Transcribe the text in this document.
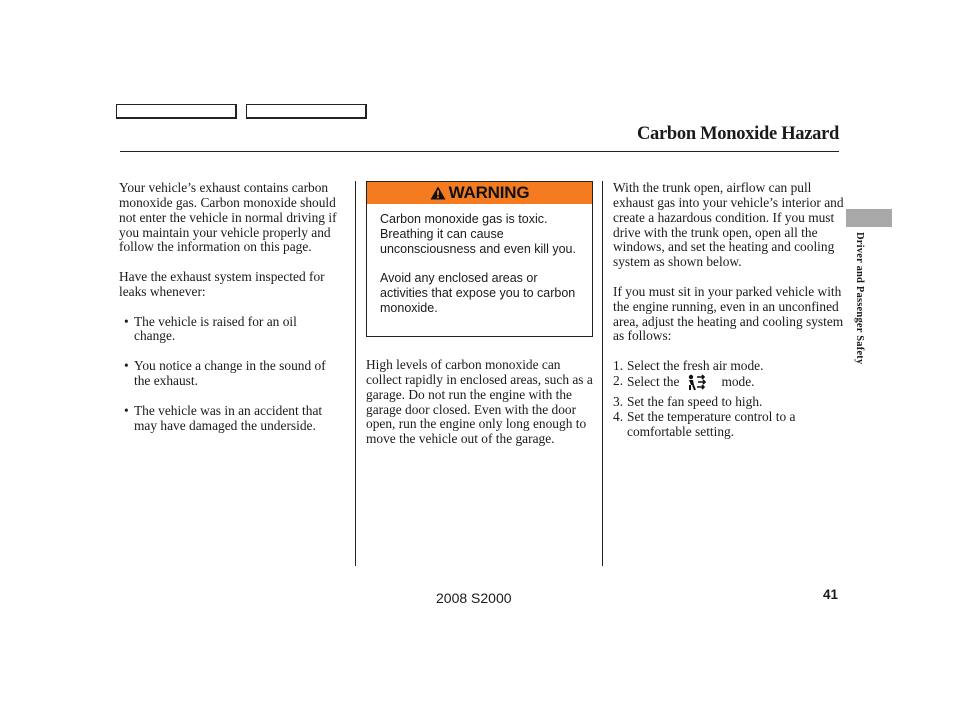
Carbon Monoxide Hazard

Your vehicle’s exhaust contains carbon monoxide gas. Carbon monoxide should not enter the vehicle in normal driving if you maintain your vehicle properly and follow the information on this page.

Have the exhaust system inspected for leaks whenever:

• The vehicle is raised for an oil change.
• You notice a change in the sound of the exhaust.
• The vehicle was in an accident that may have damaged the underside.
WARNING

Carbon monoxide gas is toxic. Breathing it can cause unconsciousness and even kill you.

Avoid any enclosed areas or activities that expose you to carbon monoxide.

High levels of carbon monoxide can collect rapidly in enclosed areas, such as a garage. Do not run the engine with the garage door closed. Even with the door open, run the engine only long enough to move the vehicle out of the garage.

With the trunk open, airflow can pull exhaust gas into your vehicle’s interior and create a hazardous condition. If you must drive with the trunk open, open all the windows, and set the heating and cooling system as shown below.

If you must sit in your parked vehicle with the engine running, even in an unconfined area, adjust the heating and cooling system as follows:

1. Select the fresh air mode.
2. Select the	mode.
3. Set the fan speed to high.
4. Set the temperature control to a comfortable setting.
Driver and Passenger Safety
2008 S2000	41
